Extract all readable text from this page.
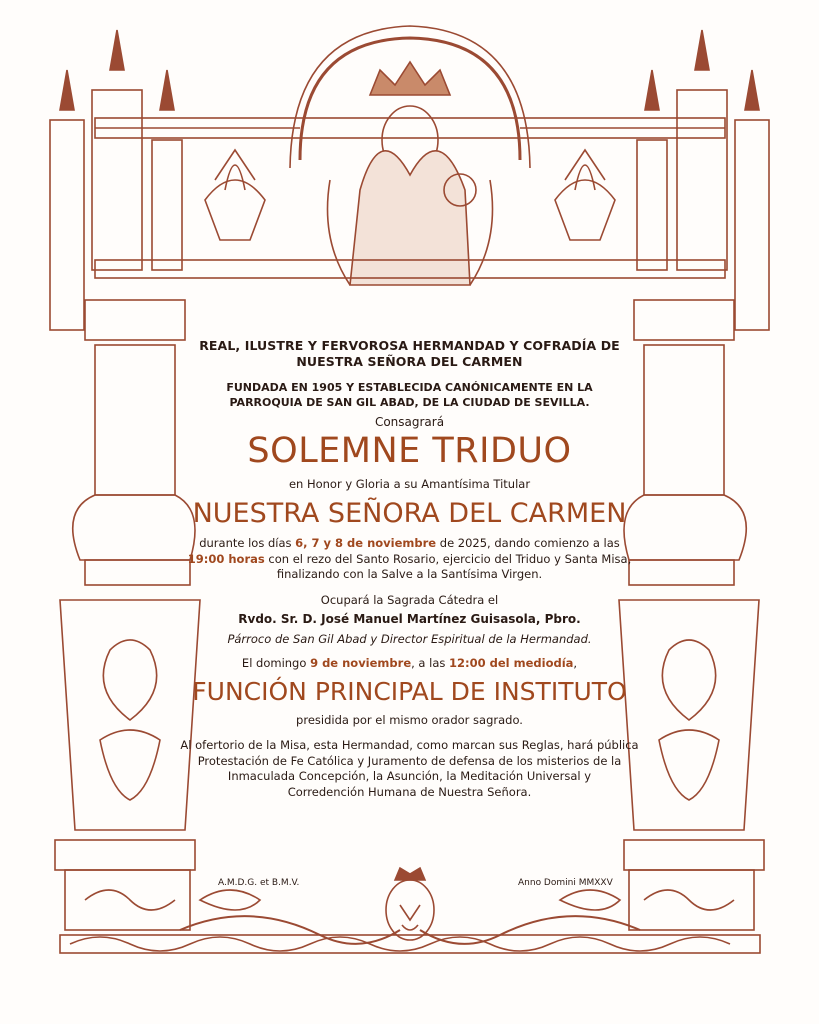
REAL, ILUSTRE Y FERVOROSA HERMANDAD Y COFRADÍA DE
NUESTRA SEÑORA DEL CARMEN
FUNDADA EN 1905 Y ESTABLECIDA CANÓNICAMENTE EN LA
PARROQUIA DE SAN GIL ABAD, DE LA CIUDAD DE SEVILLA.
Consagrará
SOLEMNE TRIDUO
en Honor y Gloria a su Amantísima Titular
NUESTRA SEÑORA DEL CARMEN
durante los días 6, 7 y 8 de noviembre de 2025, dando comienzo a las
19:00 horas con el rezo del Santo Rosario, ejercicio del Triduo y Santa Misa,
finalizando con la Salve a la Santísima Virgen.
Ocupará la Sagrada Cátedra el
Rvdo. Sr. D. José Manuel Martínez Guisasola, Pbro.
Párroco de San Gil Abad y Director Espiritual de la Hermandad.
El domingo 9 de noviembre, a las 12:00 del mediodía,
FUNCIÓN PRINCIPAL DE INSTITUTO
presidida por el mismo orador sagrado.
Al ofertorio de la Misa, esta Hermandad, como marcan sus Reglas, hará pública
Protestación de Fe Católica y Juramento de defensa de los misterios de la
Inmaculada Concepción, la Asunción, la Meditación Universal y
Corredención Humana de Nuestra Señora.
A.M.D.G. et B.M.V.	Anno Domini MMXXV
